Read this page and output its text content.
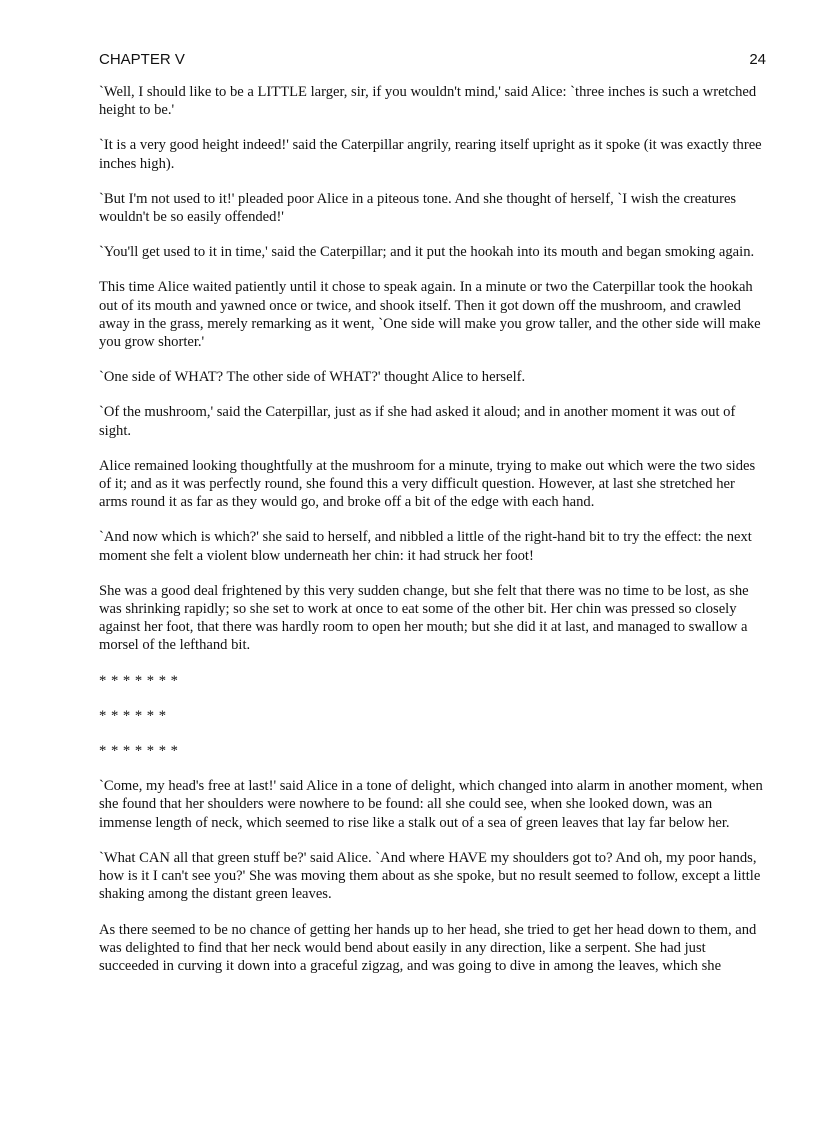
CHAPTER V	24

`Well, I should like to be a LITTLE larger, sir, if you wouldn't mind,' said Alice: `three inches is such a wretched height to be.'

`It is a very good height indeed!' said the Caterpillar angrily, rearing itself upright as it spoke (it was exactly three inches high).

`But I'm not used to it!' pleaded poor Alice in a piteous tone. And she thought of herself, `I wish the creatures wouldn't be so easily offended!'

`You'll get used to it in time,' said the Caterpillar; and it put the hookah into its mouth and began smoking again.

This time Alice waited patiently until it chose to speak again. In a minute or two the Caterpillar took the hookah out of its mouth and yawned once or twice, and shook itself. Then it got down off the mushroom, and crawled away in the grass, merely remarking as it went, `One side will make you grow taller, and the other side will make you grow shorter.'

`One side of WHAT? The other side of WHAT?' thought Alice to herself.

`Of the mushroom,' said the Caterpillar, just as if she had asked it aloud; and in another moment it was out of sight.

Alice remained looking thoughtfully at the mushroom for a minute, trying to make out which were the two sides of it; and as it was perfectly round, she found this a very difficult question. However, at last she stretched her arms round it as far as they would go, and broke off a bit of the edge with each hand.

`And now which is which?' she said to herself, and nibbled a little of the right-hand bit to try the effect: the next moment she felt a violent blow underneath her chin: it had struck her foot!

She was a good deal frightened by this very sudden change, but she felt that there was no time to be lost, as she was shrinking rapidly; so she set to work at once to eat some of the other bit. Her chin was pressed so closely against her foot, that there was hardly room to open her mouth; but she did it at last, and managed to swallow a morsel of the lefthand bit.

* * * * * * *

* * * * * *

* * * * * * *

`Come, my head's free at last!' said Alice in a tone of delight, which changed into alarm in another moment, when she found that her shoulders were nowhere to be found: all she could see, when she looked down, was an immense length of neck, which seemed to rise like a stalk out of a sea of green leaves that lay far below her.

`What CAN all that green stuff be?' said Alice. `And where HAVE my shoulders got to? And oh, my poor hands, how is it I can't see you?' She was moving them about as she spoke, but no result seemed to follow, except a little shaking among the distant green leaves.

As there seemed to be no chance of getting her hands up to her head, she tried to get her head down to them, and was delighted to find that her neck would bend about easily in any direction, like a serpent. She had just succeeded in curving it down into a graceful zigzag, and was going to dive in among the leaves, which she
